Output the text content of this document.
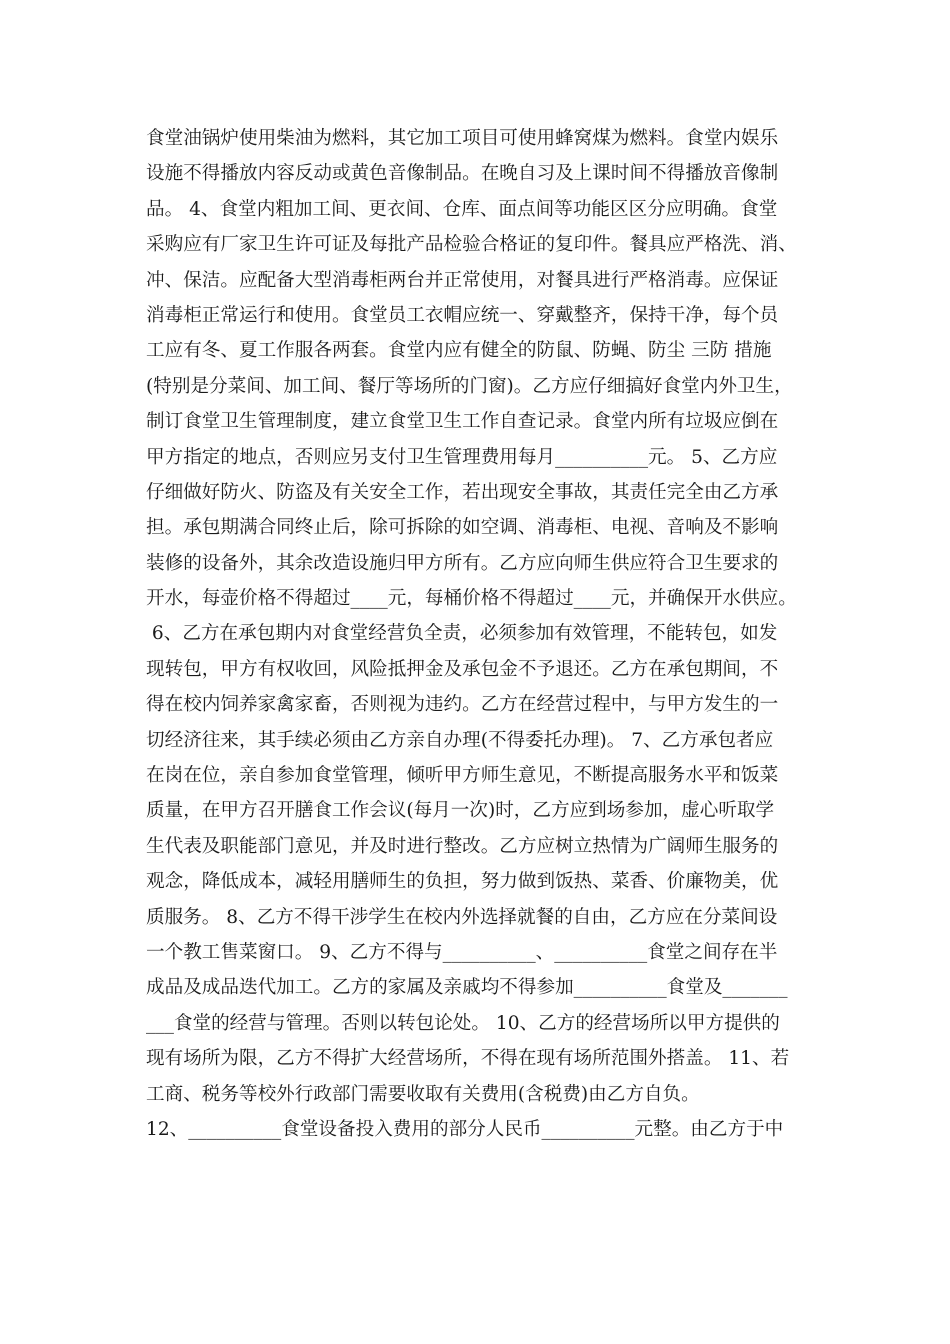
食堂油锅炉使用柴油为燃料，其它加工项目可使用蜂窝煤为燃料。食堂内娱乐
设施不得播放内容反动或黄色音像制品。在晚自习及上课时间不得播放音像制
品。 4、食堂内粗加工间、更衣间、仓库、面点间等功能区区分应明确。食堂
采购应有厂家卫生许可证及每批产品检验合格证的复印件。餐具应严格洗、消、
冲、保洁。应配备大型消毒柜两台并正常使用，对餐具进行严格消毒。应保证
消毒柜正常运行和使用。食堂员工衣帽应统一、穿戴整齐，保持干净，每个员
工应有冬、夏工作服各两套。食堂内应有健全的防鼠、防蝇、防尘 三防 措施
(特别是分菜间、加工间、餐厅等场所的门窗)。乙方应仔细搞好食堂内外卫生，
制订食堂卫生管理制度，建立食堂卫生工作自查记录。食堂内所有垃圾应倒在
甲方指定的地点，否则应另支付卫生管理费用每月__________元。 5、乙方应
仔细做好防火、防盗及有关安全工作，若出现安全事故，其责任完全由乙方承
担。承包期满合同终止后，除可拆除的如空调、消毒柜、电视、音响及不影响
装修的设备外，其余改造设施归甲方所有。乙方应向师生供应符合卫生要求的
开水，每壶价格不得超过____元，每桶价格不得超过____元，并确保开水供应。
6、乙方在承包期内对食堂经营负全责，必须参加有效管理，不能转包，如发
现转包，甲方有权收回，风险抵押金及承包金不予退还。乙方在承包期间，不
得在校内饲养家禽家畜，否则视为违约。乙方在经营过程中，与甲方发生的一
切经济往来，其手续必须由乙方亲自办理(不得委托办理)。 7、乙方承包者应
在岗在位，亲自参加食堂管理，倾听甲方师生意见，不断提高服务水平和饭菜
质量，在甲方召开膳食工作会议(每月一次)时，乙方应到场参加，虚心听取学
生代表及职能部门意见，并及时进行整改。乙方应树立热情为广阔师生服务的
观念，降低成本，减轻用膳师生的负担，努力做到饭热、菜香、价廉物美，优
质服务。 8、乙方不得干涉学生在校内外选择就餐的自由，乙方应在分菜间设
一个教工售菜窗口。 9、乙方不得与__________、__________食堂之间存在半
成品及成品迭代加工。乙方的家属及亲戚均不得参加__________食堂及_______
___食堂的经营与管理。否则以转包论处。 10、乙方的经营场所以甲方提供的
现有场所为限，乙方不得扩大经营场所，不得在现有场所范围外搭盖。 11、若
工商、税务等校外行政部门需要收取有关费用(含税费)由乙方自负。
12、__________食堂设备投入费用的部分人民币__________元整。由乙方于中
